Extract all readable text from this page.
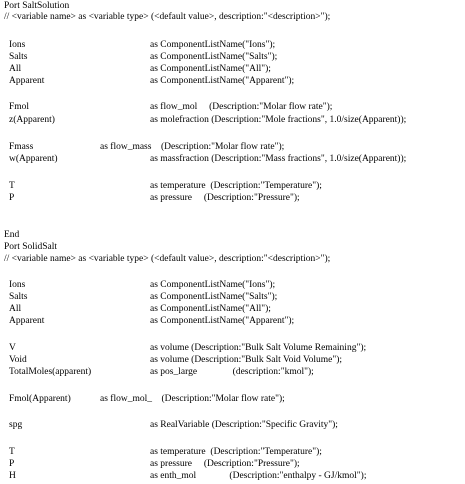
Port SaltSolution
// <variable name> as <variable type> (<default value>, description:"<description>");
Ions	as ComponentListName("Ions");
Salts	as ComponentListName("Salts");
All	as ComponentListName("All");
Apparent	as ComponentListName("Apparent");
Fmol	as flow_mol     (Description:"Molar flow rate");
z(Apparent)	as molefraction (Description:"Mole fractions", 1.0/size(Apparent));
Fmass	as flow_mass    (Description:"Molar flow rate");
w(Apparent)	as massfraction (Description:"Mass fractions", 1.0/size(Apparent));
T	as temperature  (Description:"Temperature");
P	as pressure     (Description:"Pressure");
End
Port SolidSalt
// <variable name> as <variable type> (<default value>, description:"<description>");
Ions	as ComponentListName("Ions");
Salts	as ComponentListName("Salts");
All	as ComponentListName("All");
Apparent	as ComponentListName("Apparent");
V	as volume (Description:"Bulk Salt Volume Remaining");
Void	as volume (Description:"Bulk Salt Void Volume");
TotalMoles(apparent)	as pos_large               (description:"kmol");
Fmol(Apparent)	as flow_mol_    (Description:"Molar flow rate");
spg	as RealVariable (Description:"Specific Gravity");
T	as temperature  (Description:"Temperature");
P	as pressure     (Description:"Pressure");
H	as enth_mol              (Description:"enthalpy - GJ/kmol");
